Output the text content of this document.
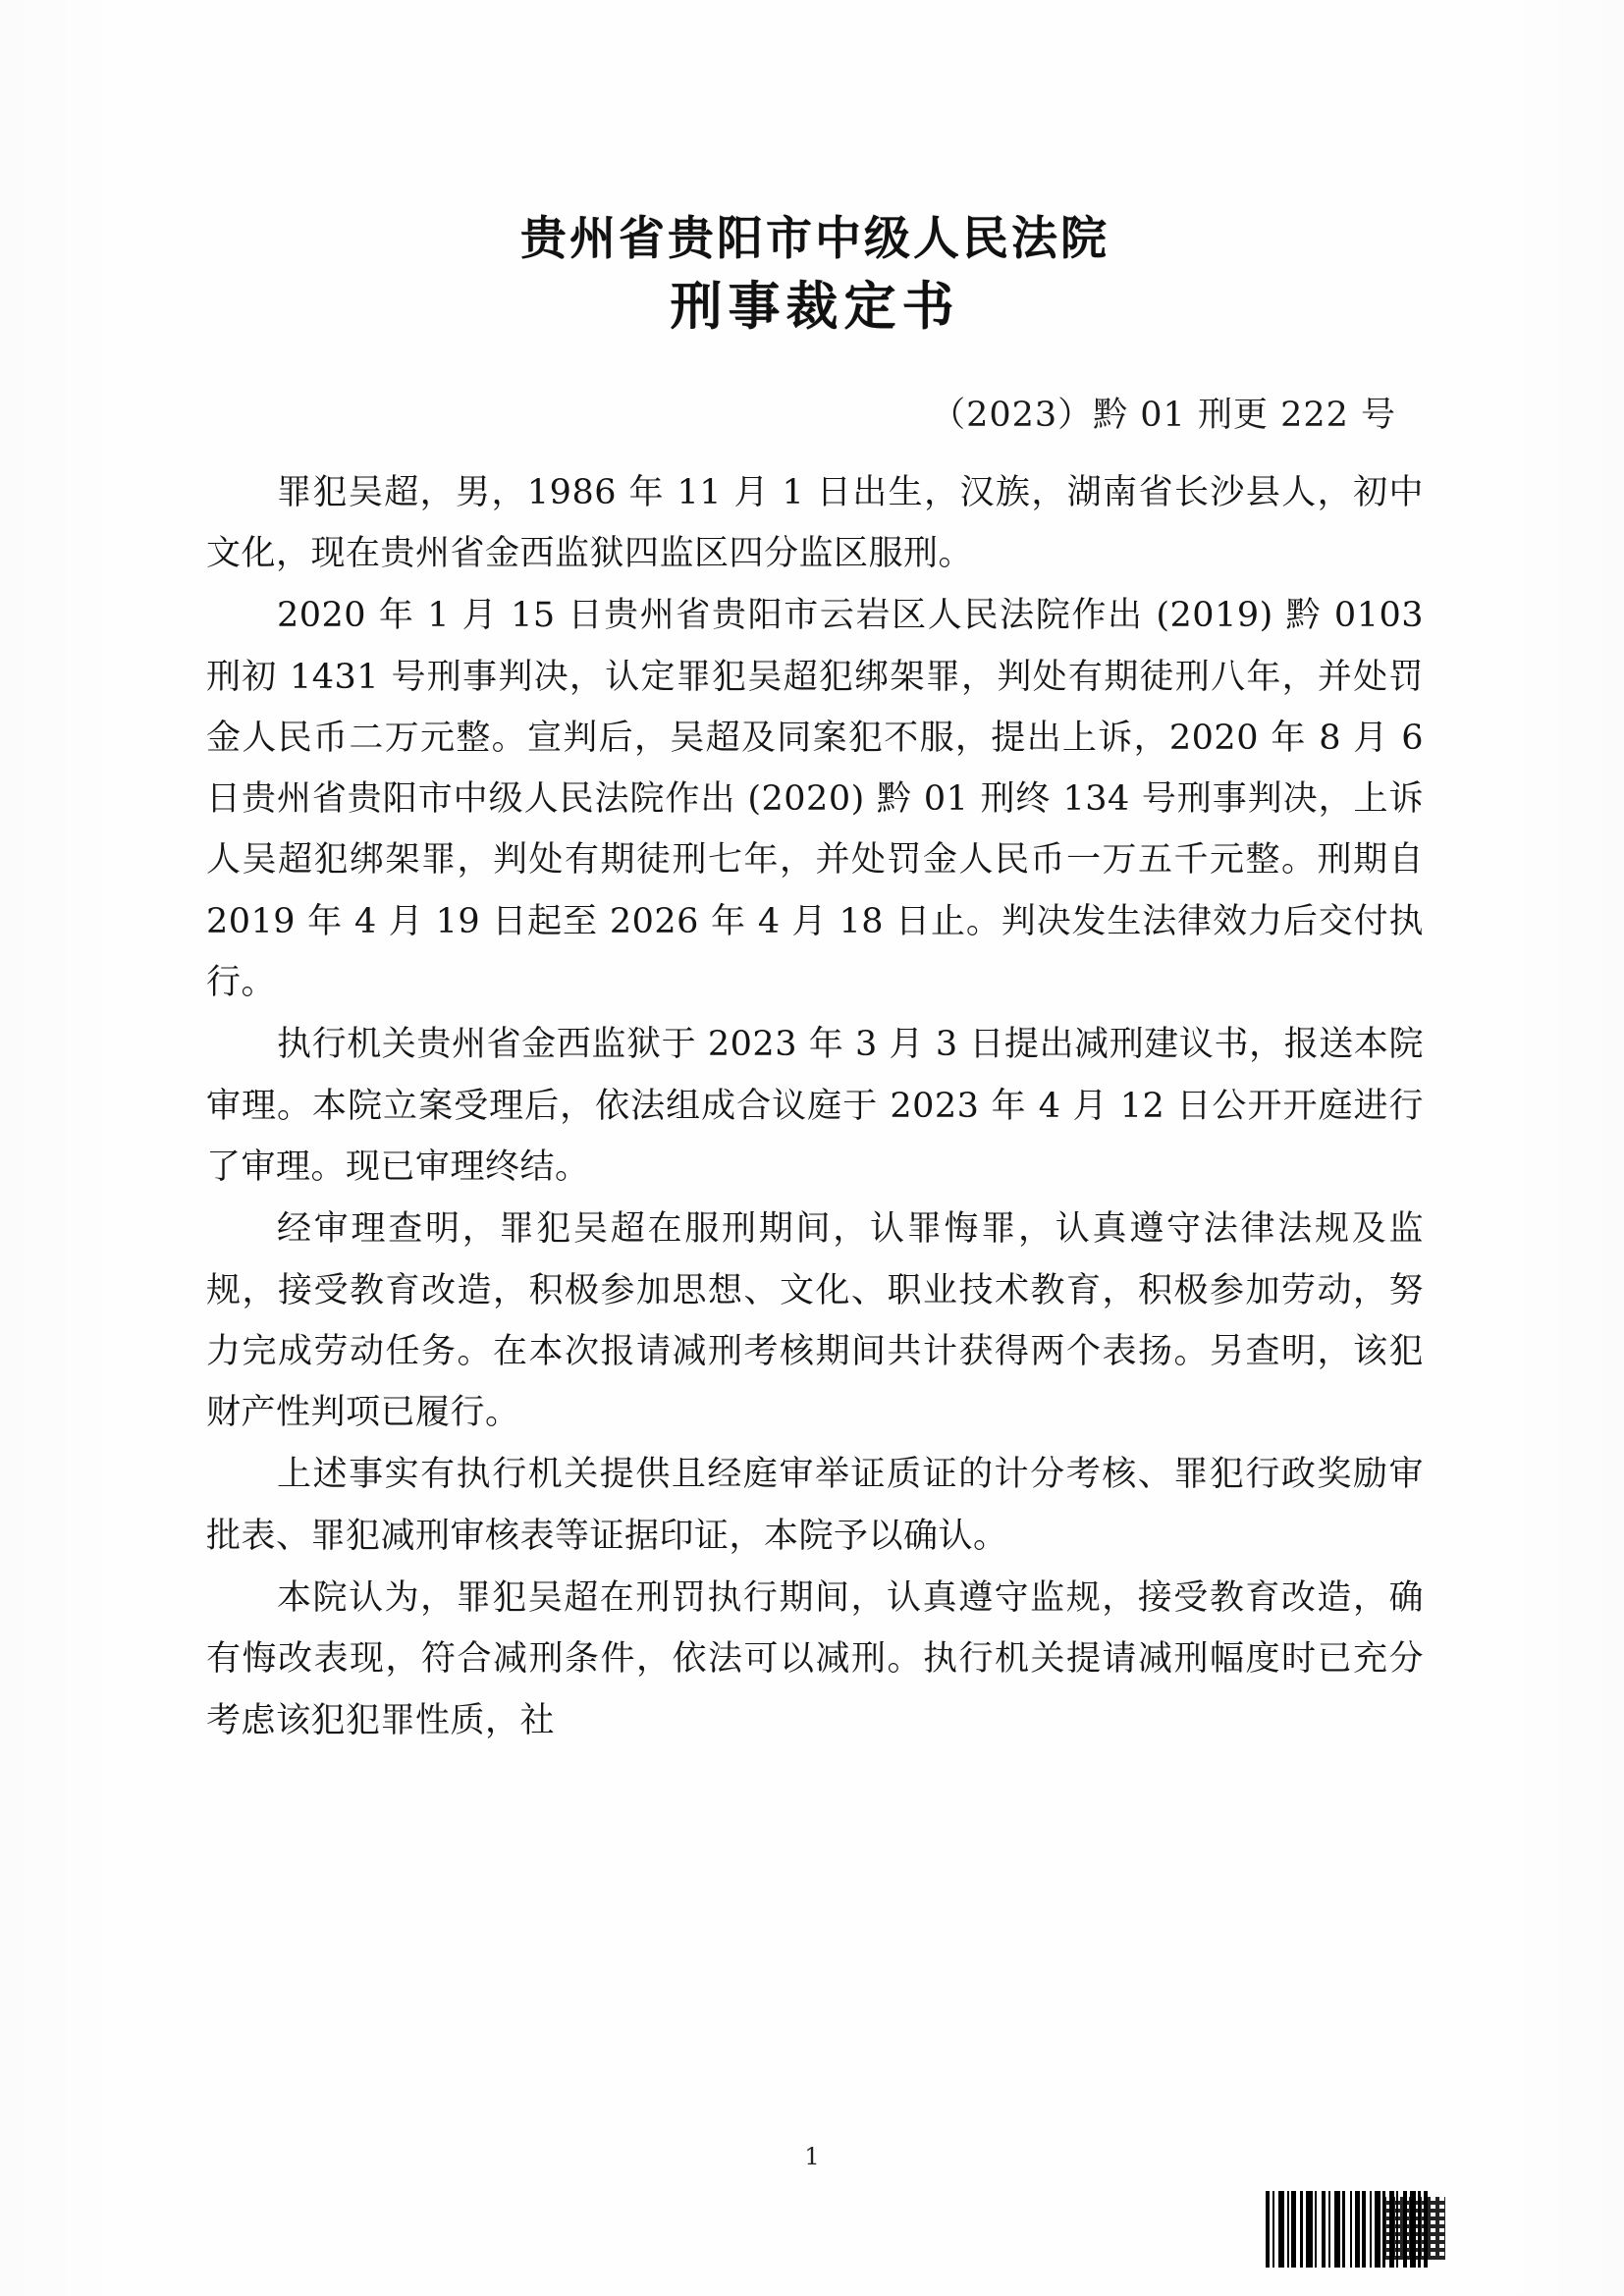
贵州省贵阳市中级人民法院
刑事裁定书
（2023）黔 01 刑更 222 号

罪犯吴超，男，1986 年 11 月 1 日出生，汉族，湖南省长沙县人，初中文化，现在贵州省金西监狱四监区四分监区服刑。

2020 年 1 月 15 日贵州省贵阳市云岩区人民法院作出 (2019) 黔 0103 刑初 1431 号刑事判决，认定罪犯吴超犯绑架罪，判处有期徒刑八年，并处罚金人民币二万元整。宣判后，吴超及同案犯不服，提出上诉，2020 年 8 月 6 日贵州省贵阳市中级人民法院作出 (2020) 黔 01 刑终 134 号刑事判决，上诉人吴超犯绑架罪，判处有期徒刑七年，并处罚金人民币一万五千元整。刑期自 2019 年 4 月 19 日起至 2026 年 4 月 18 日止。判决发生法律效力后交付执行。

执行机关贵州省金西监狱于 2023 年 3 月 3 日提出减刑建议书，报送本院审理。本院立案受理后，依法组成合议庭于 2023 年 4 月 12 日公开开庭进行了审理。现已审理终结。

经审理查明，罪犯吴超在服刑期间，认罪悔罪，认真遵守法律法规及监规，接受教育改造，积极参加思想、文化、职业技术教育，积极参加劳动，努力完成劳动任务。在本次报请减刑考核期间共计获得两个表扬。另查明，该犯财产性判项已履行。

上述事实有执行机关提供且经庭审举证质证的计分考核、罪犯行政奖励审批表、罪犯减刑审核表等证据印证，本院予以确认。

本院认为，罪犯吴超在刑罚执行期间，认真遵守监规，接受教育改造，确有悔改表现，符合减刑条件，依法可以减刑。执行机关提请减刑幅度时已充分考虑该犯犯罪性质，社

1
